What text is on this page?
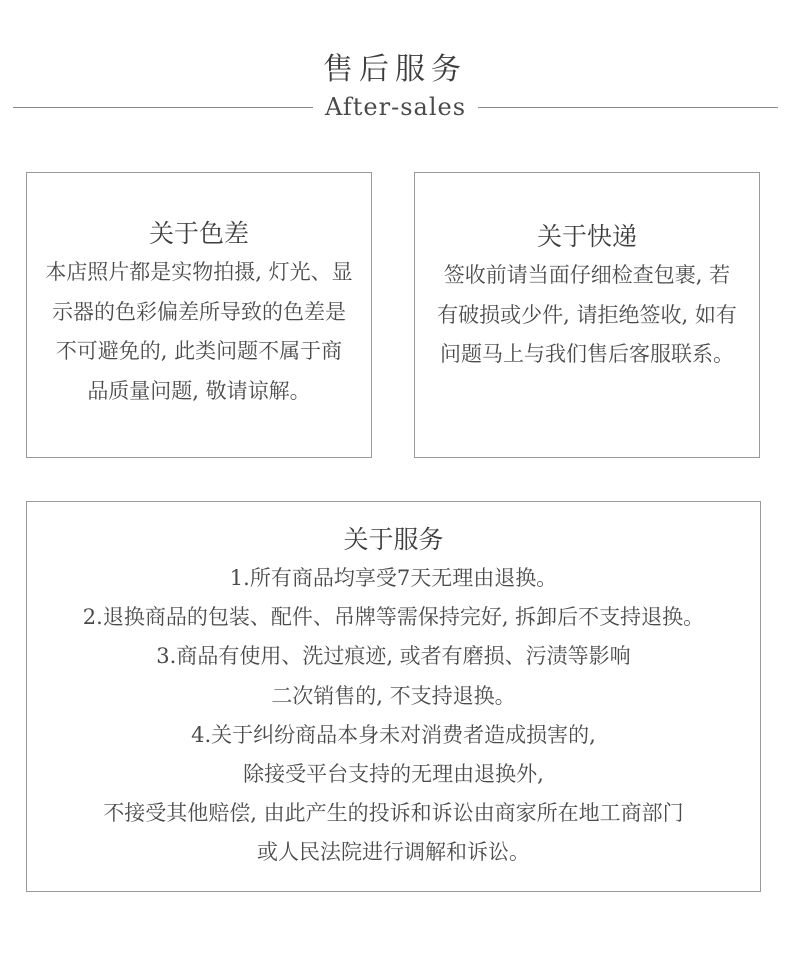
售后服务
After-sales
关于色差
本店照片都是实物拍摄, 灯光、显
示器的色彩偏差所导致的色差是
不可避免的, 此类问题不属于商
品质量问题, 敬请谅解。
关于快递
签收前请当面仔细检查包裹, 若
有破损或少件, 请拒绝签收, 如有
问题马上与我们售后客服联系。
关于服务
1.所有商品均享受7天无理由退换。
2.退换商品的包装、配件、吊牌等需保持完好, 拆卸后不支持退换。
3.商品有使用、洗过痕迹, 或者有磨损、污渍等影响
二次销售的, 不支持退换。
4.关于纠纷商品本身未对消费者造成损害的,
除接受平台支持的无理由退换外,
不接受其他赔偿, 由此产生的投诉和诉讼由商家所在地工商部门
或人民法院进行调解和诉讼。
